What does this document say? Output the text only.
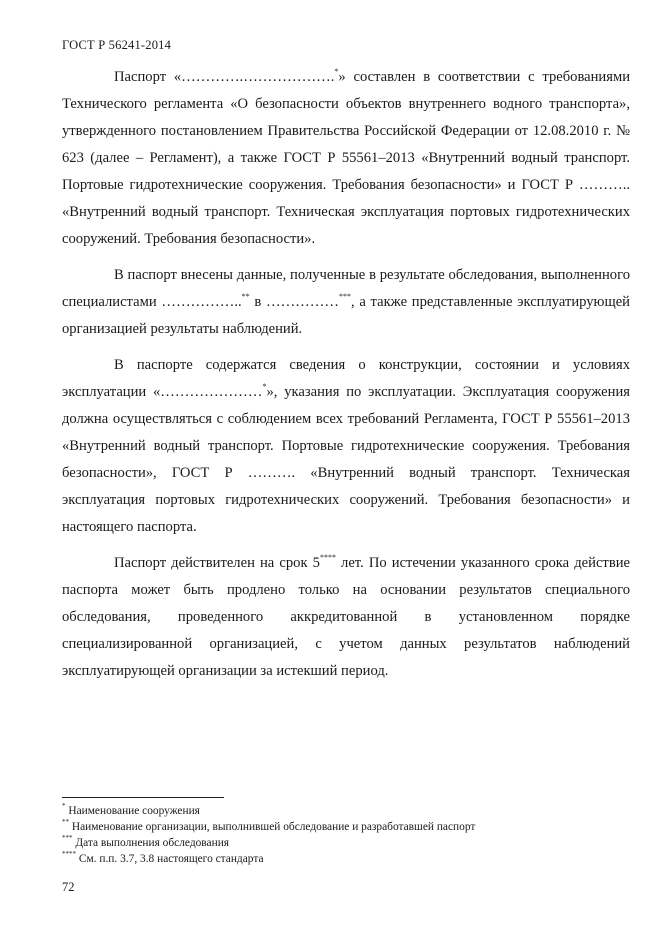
ГОСТ Р 56241-2014

Паспорт «………….……………….*» составлен в соответствии с требованиями Технического регламента «О безопасности объектов внутреннего водного транспорта», утвержденного постановлением Правительства Российской Федерации от 12.08.2010 г. № 623 (далее – Регламент), а также ГОСТ Р 55561–2013 «Внутренний водный транспорт. Портовые гидротехнические сооружения. Требования безопасности» и ГОСТ Р ……….. «Внутренний водный транспорт. Техническая эксплуатация портовых гидротехнических сооружений. Требования безопасности».

В паспорт внесены данные, полученные в результате обследования, выполненного специалистами ……………..** в ……………***, а также представленные эксплуатирующей организацией результаты наблюдений.

В паспорте содержатся сведения о конструкции, состоянии и условиях эксплуатации «…………………*», указания по эксплуатации. Эксплуатация сооружения должна осуществляться с соблюдением всех требований Регламента, ГОСТ Р 55561–2013 «Внутренний водный транспорт. Портовые гидротехнические сооружения. Требования безопасности», ГОСТ Р ………. «Внутренний водный транспорт. Техническая эксплуатация портовых гидротехнических сооружений. Требования безопасности» и настоящего паспорта.

Паспорт действителен на срок 5**** лет. По истечении указанного срока действие паспорта может быть продлено только на основании результатов специального обследования, проведенного аккредитованной в установленном порядке специализированной организацией, с учетом данных результатов наблюдений эксплуатирующей организации за истекший период.

* Наименование сооружения
** Наименование организации, выполнившей обследование и разработавшей паспорт
*** Дата выполнения обследования
**** См. п.п. 3.7, 3.8 настоящего стандарта
72
